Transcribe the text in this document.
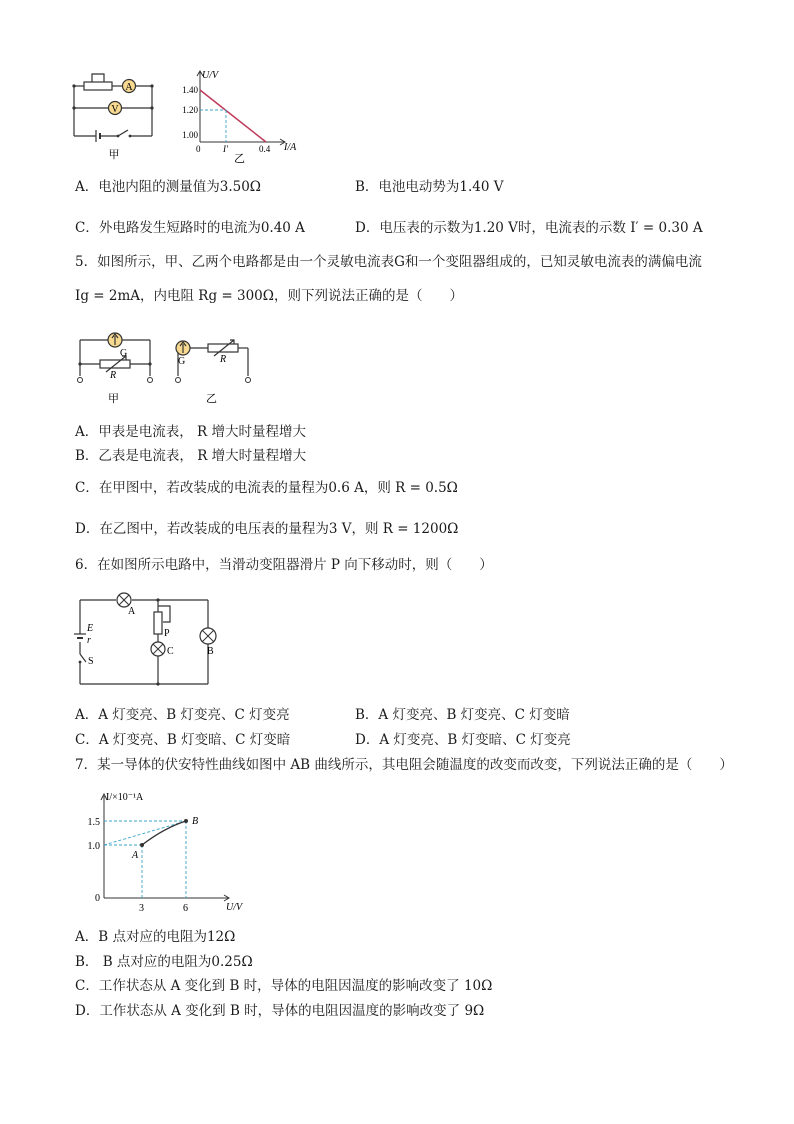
A
V
甲
U/V
I/A
1.40
1.20
1.00
0	I'	0.4
乙
A．电池内阻的测量值为3.50Ω	B．电池电动势为1.40 V
C．外电路发生短路时的电流为0.40 A	D．电压表的示数为1.20 V时，电流表的示数 I′ = 0.30 A
5．如图所示，甲、乙两个电路都是由一个灵敏电流表G和一个变阻器组成的，已知灵敏电流表的满偏电流
Ig = 2mA，内电阻 Rg = 300Ω，则下列说法正确的是（　　）
G
R
G	R
甲	乙
A．甲表是电流表， R 增大时量程增大
B．乙表是电流表， R 增大时量程增大
C．在甲图中，若改装成的电流表的量程为0.6 A，则 R = 0.5Ω
D．在乙图中，若改装成的电压表的量程为3 V，则 R = 1200Ω
6．在如图所示电路中，当滑动变阻器滑片 P 向下移动时，则（　　）
A
B
C
P
E
r
S
A．A 灯变亮、B 灯变亮、C 灯变亮	B．A 灯变亮、B 灯变亮、C 灯变暗
C．A 灯变亮、B 灯变暗、C 灯变暗	D．A 灯变亮、B 灯变暗、C 灯变亮
7．某一导体的伏安特性曲线如图中 AB 曲线所示，其电阻会随温度的改变而改变，下列说法正确的是（　　）
I/×10⁻¹A
U/V
1.5
1.0
0
3	6
A
B
A．B 点对应的电阻为12Ω
B． B 点对应的电阻为0.25Ω
C．工作状态从 A 变化到 B 时，导体的电阻因温度的影响改变了 10Ω
D．工作状态从 A 变化到 B 时，导体的电阻因温度的影响改变了 9Ω
